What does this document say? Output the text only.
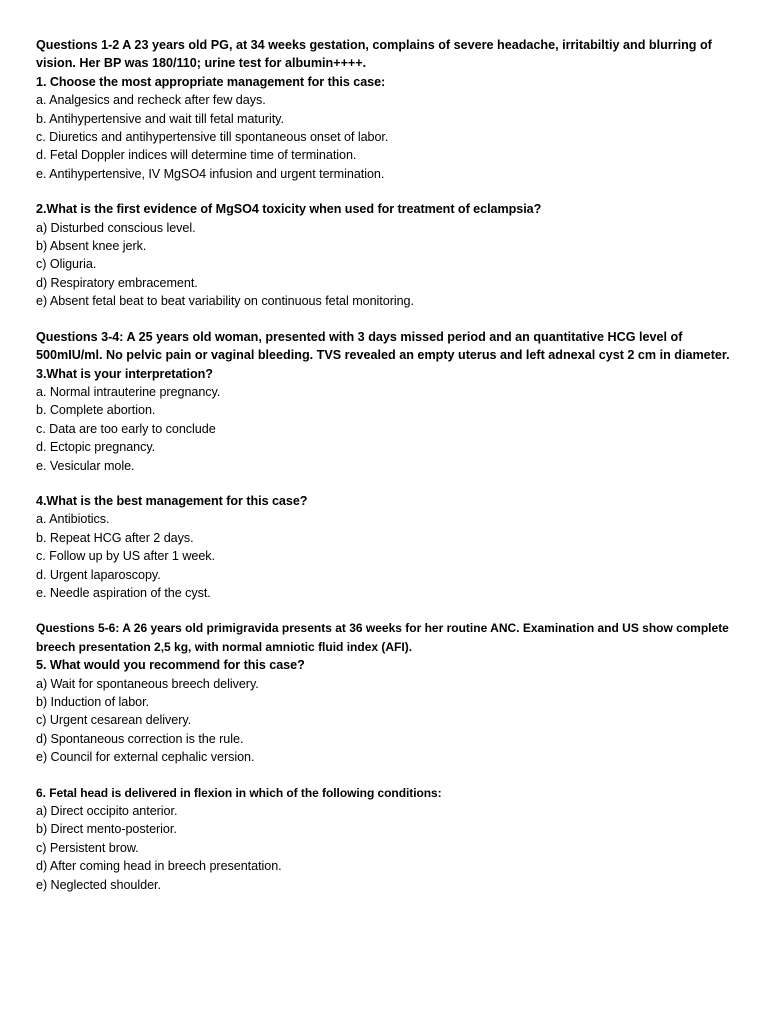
Questions 1-2 A 23 years old PG, at 34 weeks gestation, complains of severe headache, irritabiltiy and blurring of vision. Her BP was 180/110; urine test for albumin++++.
1. Choose the most appropriate management for this case:
a. Analgesics and recheck after few days.
b. Antihypertensive and wait till fetal maturity.
c. Diuretics and antihypertensive till spontaneous onset of labor.
d. Fetal Doppler indices will determine time of termination.
e. Antihypertensive, IV MgSO4 infusion and urgent termination.
2.What is the first evidence of MgSO4 toxicity when used for treatment of eclampsia?
a) Disturbed conscious level.
b) Absent knee jerk.
c) Oliguria.
d) Respiratory embracement.
e) Absent fetal beat to beat variability on continuous fetal monitoring.
Questions 3-4: A 25 years old woman, presented with 3 days missed period and an quantitative HCG level of 500mIU/ml. No pelvic pain or vaginal bleeding. TVS revealed an empty uterus and left adnexal cyst 2 cm in diameter.
3.What is your interpretation?
a. Normal intrauterine pregnancy.
b. Complete abortion.
c. Data are too early to conclude
d. Ectopic pregnancy.
e. Vesicular mole.
4.What is the best management for this case?
a. Antibiotics.
b. Repeat HCG after 2 days.
c. Follow up by US after 1 week.
d. Urgent laparoscopy.
e. Needle aspiration of the cyst.
Questions 5-6: A 26 years old primigravida presents at 36 weeks for her routine ANC. Examination and US show complete breech presentation 2,5 kg, with normal amniotic fluid index (AFI).
5. What would you recommend for this case?
a) Wait for spontaneous breech delivery.
b) Induction of labor.
c) Urgent cesarean delivery.
d) Spontaneous correction is the rule.
e) Council for external cephalic version.
6. Fetal head is delivered in flexion in which of the following conditions:
a) Direct occipito anterior.
b) Direct mento-posterior.
c) Persistent brow.
d) After coming head in breech presentation.
e) Neglected shoulder.
